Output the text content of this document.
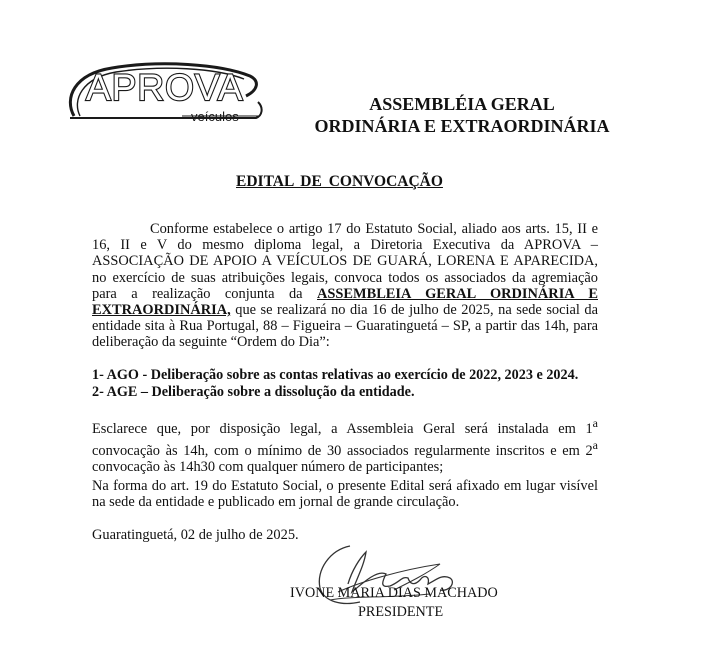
APROVA
veículos
ASSEMBLÉIA GERAL
ORDINÁRIA E EXTRAORDINÁRIA
EDITAL DE CONVOCAÇÃO

Conforme estabelece o artigo 17 do Estatuto Social, aliado aos arts. 15, II e 16, II e V do mesmo diploma legal, a Diretoria Executiva da APROVA – ASSOCIAÇÃO DE APOIO A VEÍCULOS DE GUARÁ, LORENA E APARECIDA, no exercício de suas atribuições legais, convoca todos os associados da agremiação para a realização conjunta da ASSEMBLEIA GERAL ORDINÁRIA E EXTRAORDINÁRIA, que se realizará no dia 16 de julho de 2025, na sede social da entidade sita à Rua Portugal, 88 – Figueira – Guaratinguetá – SP, a partir das 14h, para deliberação da seguinte “Ordem do Dia”:

1- AGO - Deliberação sobre as contas relativas ao exercício de 2022, 2023 e 2024.
2- AGE – Deliberação sobre a dissolução da entidade.

Esclarece que, por disposição legal, a Assembleia Geral será instalada em 1$^a$ convocação às 14h, com o mínimo de 30 associados regularmente inscritos e em 2$^a$ convocação às 14h30 com qualquer número de participantes;

Na forma do art. 19 do Estatuto Social, o presente Edital será afixado em lugar visível na sede da entidade e publicado em jornal de grande circulação.

Guaratinguetá, 02 de julho de 2025.

IVONE MARIA DIAS MACHADO
PRESIDENTE
